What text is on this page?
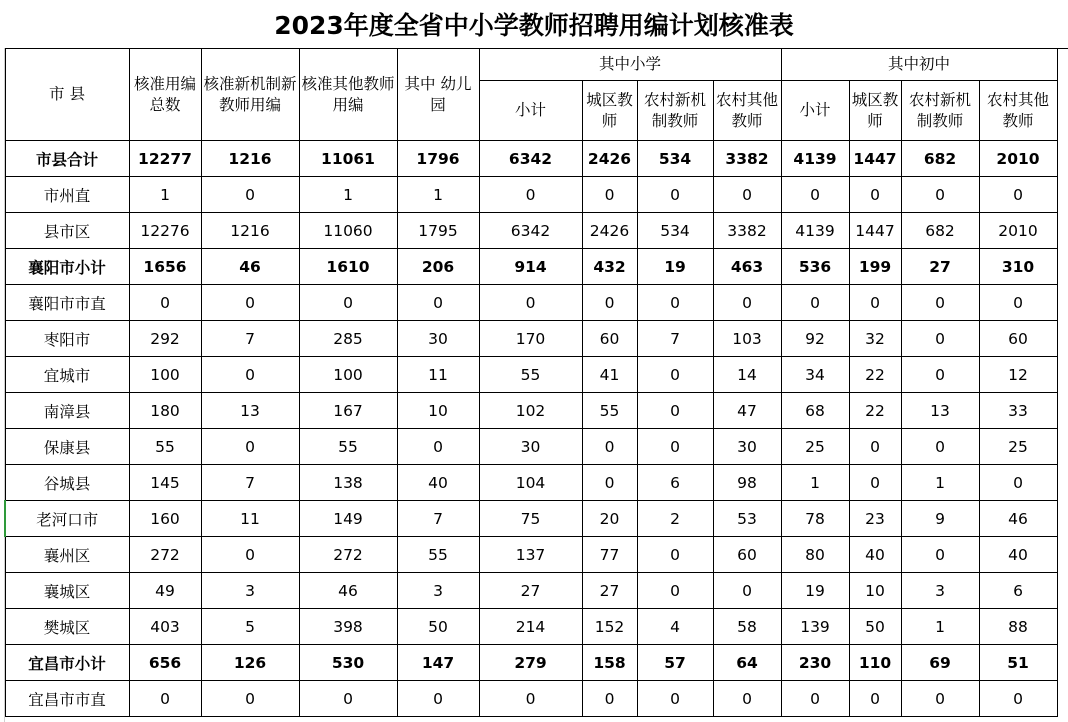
2023年度全省中小学教师招聘用编计划核准表
市 县	核准用编总数	核准新机制新教师用编	核准其他教师用编	其中 幼儿园	其中小学				其中初中			
					小计	城区教师	农村新机制教师	农村其他教师	小计	城区教师	农村新机制教师	农村其他教师
市县合计	12277	1216	11061	1796	6342	2426	534	3382	4139	1447	682	2010
市州直	1	0	1	1	0	0	0	0	0	0	0	0
县市区	12276	1216	11060	1795	6342	2426	534	3382	4139	1447	682	2010
襄阳市小计	1656	46	1610	206	914	432	19	463	536	199	27	310
襄阳市市直	0	0	0	0	0	0	0	0	0	0	0	0
枣阳市	292	7	285	30	170	60	7	103	92	32	0	60
宜城市	100	0	100	11	55	41	0	14	34	22	0	12
南漳县	180	13	167	10	102	55	0	47	68	22	13	33
保康县	55	0	55	0	30	0	0	30	25	0	0	25
谷城县	145	7	138	40	104	0	6	98	1	0	1	0
老河口市	160	11	149	7	75	20	2	53	78	23	9	46
襄州区	272	0	272	55	137	77	0	60	80	40	0	40
襄城区	49	3	46	3	27	27	0	0	19	10	3	6
樊城区	403	5	398	50	214	152	4	58	139	50	1	88
宜昌市小计	656	126	530	147	279	158	57	64	230	110	69	51
宜昌市市直	0	0	0	0	0	0	0	0	0	0	0	0
